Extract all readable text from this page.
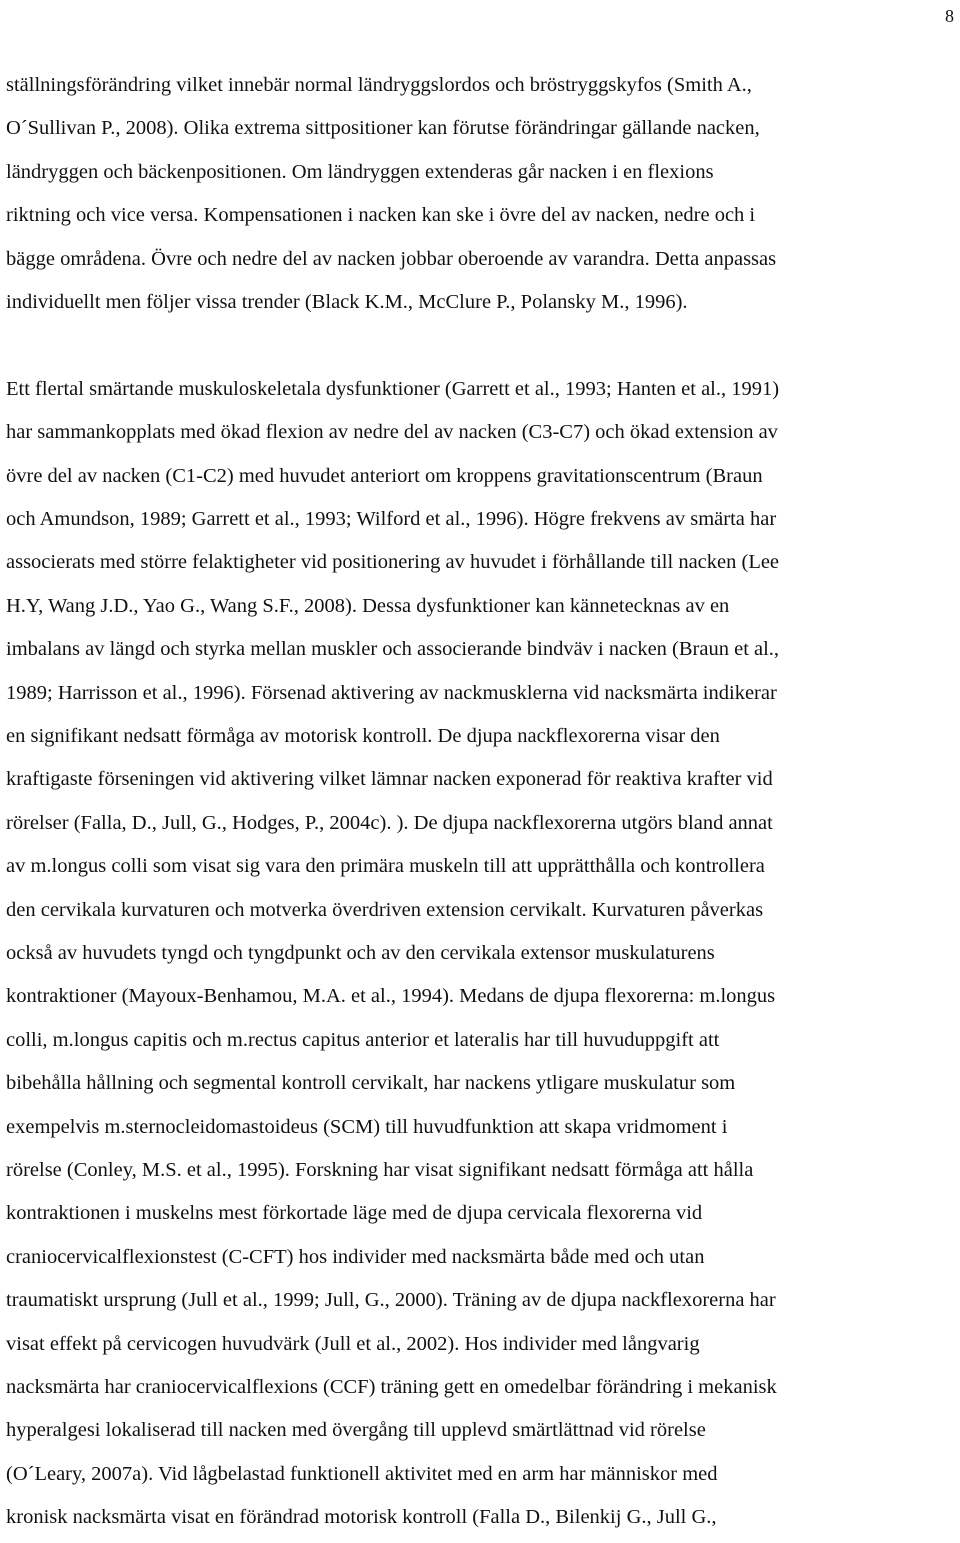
8
ställningsförändring vilket innebär normal ländryggslordos och bröstryggskyfos (Smith A.,
O´Sullivan P., 2008). Olika extrema sittpositioner kan förutse förändringar gällande nacken,
ländryggen och bäckenpositionen. Om ländryggen extenderas går nacken i en flexions
riktning och vice versa. Kompensationen i nacken kan ske i övre del av nacken, nedre och i
bägge områdena. Övre och nedre del av nacken jobbar oberoende av varandra. Detta anpassas
individuellt men följer vissa trender (Black K.M., McClure P., Polansky M., 1996).
Ett flertal smärtande muskuloskeletala dysfunktioner (Garrett et al., 1993; Hanten et al., 1991)
har sammankopplats med ökad flexion av nedre del av nacken (C3-C7) och ökad extension av
övre del av nacken (C1-C2) med huvudet anteriort om kroppens gravitationscentrum (Braun
och Amundson, 1989; Garrett et al., 1993; Wilford et al., 1996). Högre frekvens av smärta har
associerats med större felaktigheter vid positionering av huvudet i förhållande till nacken (Lee
H.Y, Wang J.D., Yao G., Wang S.F., 2008). Dessa dysfunktioner kan kännetecknas av en
imbalans av längd och styrka mellan muskler och associerande bindväv i nacken (Braun et al.,
1989; Harrisson et al., 1996). Försenad aktivering av nackmusklerna vid nacksmärta indikerar
en signifikant nedsatt förmåga av motorisk kontroll. De djupa nackflexorerna visar den
kraftigaste förseningen vid aktivering vilket lämnar nacken exponerad för reaktiva krafter vid
rörelser (Falla, D., Jull, G., Hodges, P., 2004c). ). De djupa nackflexorerna utgörs bland annat
av m.longus colli som visat sig vara den primära muskeln till att upprätthålla och kontrollera
den cervikala kurvaturen och motverka överdriven extension cervikalt. Kurvaturen påverkas
också av huvudets tyngd och tyngdpunkt och av den cervikala extensor muskulaturens
kontraktioner (Mayoux-Benhamou, M.A. et al., 1994). Medans de djupa flexorerna: m.longus
colli, m.longus capitis och m.rectus capitus anterior et lateralis har till huvuduppgift att
bibehålla hållning och segmental kontroll cervikalt, har nackens ytligare muskulatur som
exempelvis m.sternocleidomastoideus (SCM) till huvudfunktion att skapa vridmoment i
rörelse (Conley, M.S. et al., 1995). Forskning har visat signifikant nedsatt förmåga att hålla
kontraktionen i muskelns mest förkortade läge med de djupa cervicala flexorerna vid
craniocervicalflexionstest (C-CFT) hos individer med nacksmärta både med och utan
traumatiskt ursprung (Jull et al., 1999; Jull, G., 2000). Träning av de djupa nackflexorerna har
visat effekt på cervicogen huvudvärk (Jull et al., 2002). Hos individer med långvarig
nacksmärta har craniocervicalflexions (CCF) träning gett en omedelbar förändring i mekanisk
hyperalgesi lokaliserad till nacken med övergång till upplevd smärtlättnad vid rörelse
(O´Leary, 2007a). Vid lågbelastad funktionell aktivitet med en arm har människor med
kronisk nacksmärta visat en förändrad motorisk kontroll (Falla D., Bilenkij G., Jull G.,
